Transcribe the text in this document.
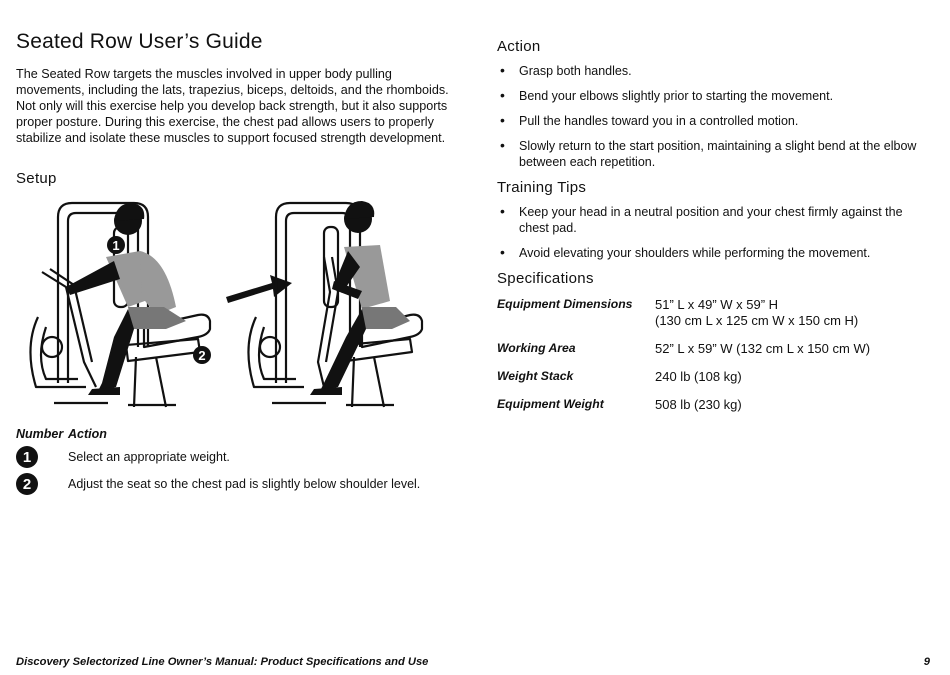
Seated Row User’s Guide

The Seated Row targets the muscles involved in upper body pulling movements, including the lats, trapezius, biceps, deltoids, and the rhomboids. Not only will this exercise help you develop back strength, but it also supports proper posture. During this exercise, the chest pad allows users to properly stabilize and isolate these muscles to support focused strength development.

Setup
1
2
Number Action
1	Select an appropriate weight.
2	Adjust the seat so the chest pad is slightly below shoulder level.
Action
• Grasp both handles.
• Bend your elbows slightly prior to starting the movement.
• Pull the handles toward you in a controlled motion.
• Slowly return to the start position, maintaining a slight bend at the elbow between each repetition.
Training Tips
• Keep your head in a neutral position and your chest firmly against the chest pad.
• Avoid elevating your shoulders while performing the movement.
Specifications
Equipment Dimensions	51” L x 49” W x 59” H
(130 cm L x 125 cm W x 150 cm H)
Working Area	52” L x 59” W (132 cm L x 150 cm W)
Weight Stack	240 lb (108 kg)
Equipment Weight	508 lb (230 kg)
Discovery Selectorized Line Owner’s Manual: Product Specifications and Use	9
